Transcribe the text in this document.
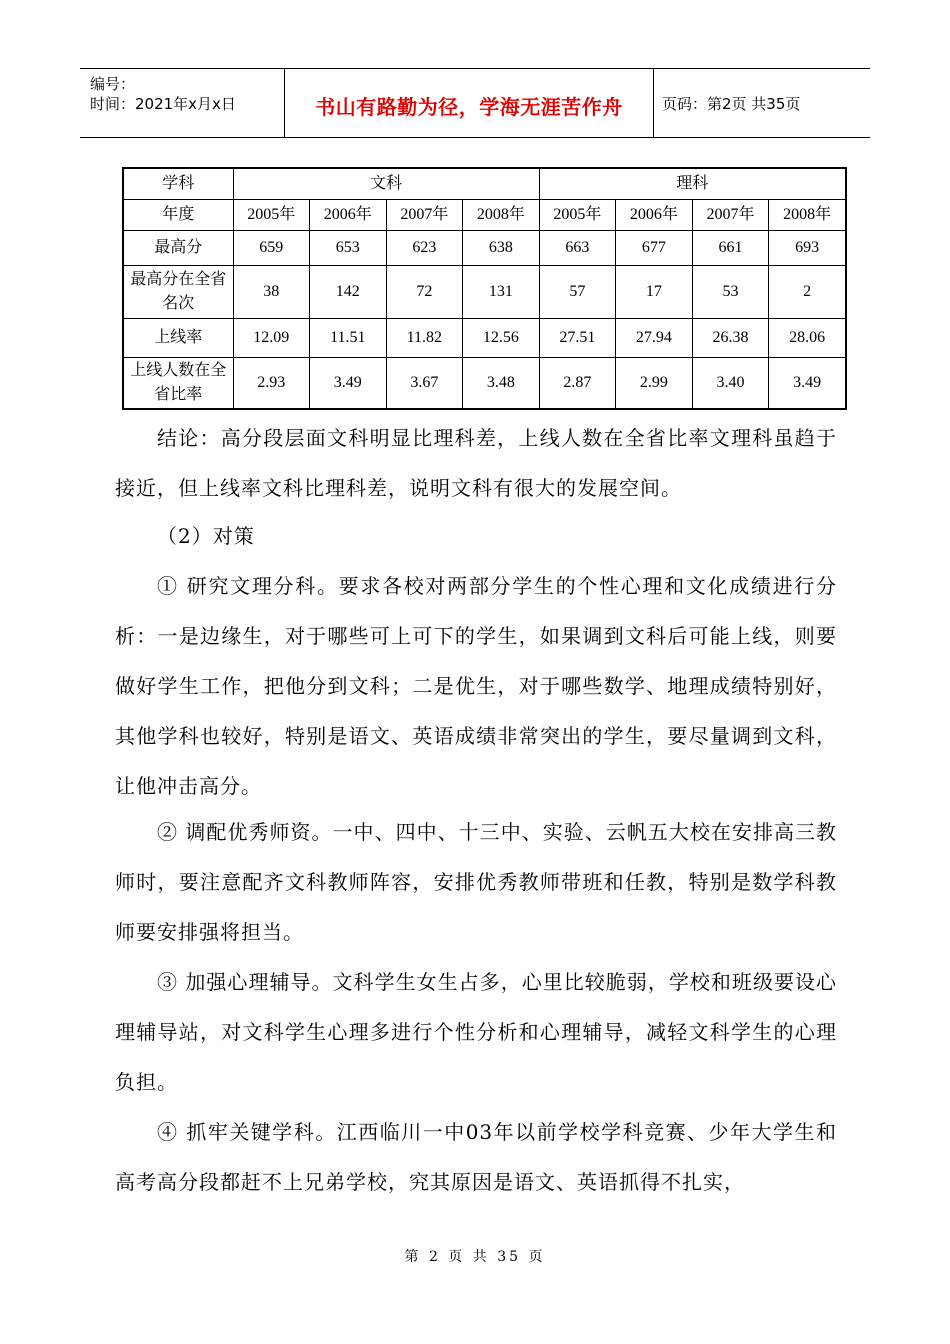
编号：
时间：2021年x月x日	书山有路勤为径，学海无涯苦作舟	页码：第2页 共35页
学科	文科				理科			
年度	2005年	2006年	2007年	2008年	2005年	2006年	2007年	2008年
最高分	659	653	623	638	663	677	661	693
最高分在全省名次	38	142	72	131	57	17	53	2
上线率	12.09	11.51	11.82	12.56	27.51	27.94	26.38	28.06
上线人数在全省比率	2.93	3.49	3.67	3.48	2.87	2.99	3.40	3.49
结论：高分段层面文科明显比理科差，上线人数在全省比率文理科虽趋于接近，但上线率文科比理科差，说明文科有很大的发展空间。
（2）对策
① 研究文理分科。要求各校对两部分学生的个性心理和文化成绩进行分析：一是边缘生，对于哪些可上可下的学生，如果调到文科后可能上线，则要做好学生工作，把他分到文科；二是优生，对于哪些数学、地理成绩特别好，其他学科也较好，特别是语文、英语成绩非常突出的学生，要尽量调到文科，让他冲击高分。
② 调配优秀师资。一中、四中、十三中、实验、云帆五大校在安排高三教师时，要注意配齐文科教师阵容，安排优秀教师带班和任教，特别是数学科教师要安排强将担当。
③ 加强心理辅导。文科学生女生占多，心里比较脆弱，学校和班级要设心理辅导站，对文科学生心理多进行个性分析和心理辅导，减轻文科学生的心理负担。
④ 抓牢关键学科。江西临川一中03年以前学校学科竞赛、少年大学生和高考高分段都赶不上兄弟学校，究其原因是语文、英语抓得不扎实，
第 2 页 共 35 页
